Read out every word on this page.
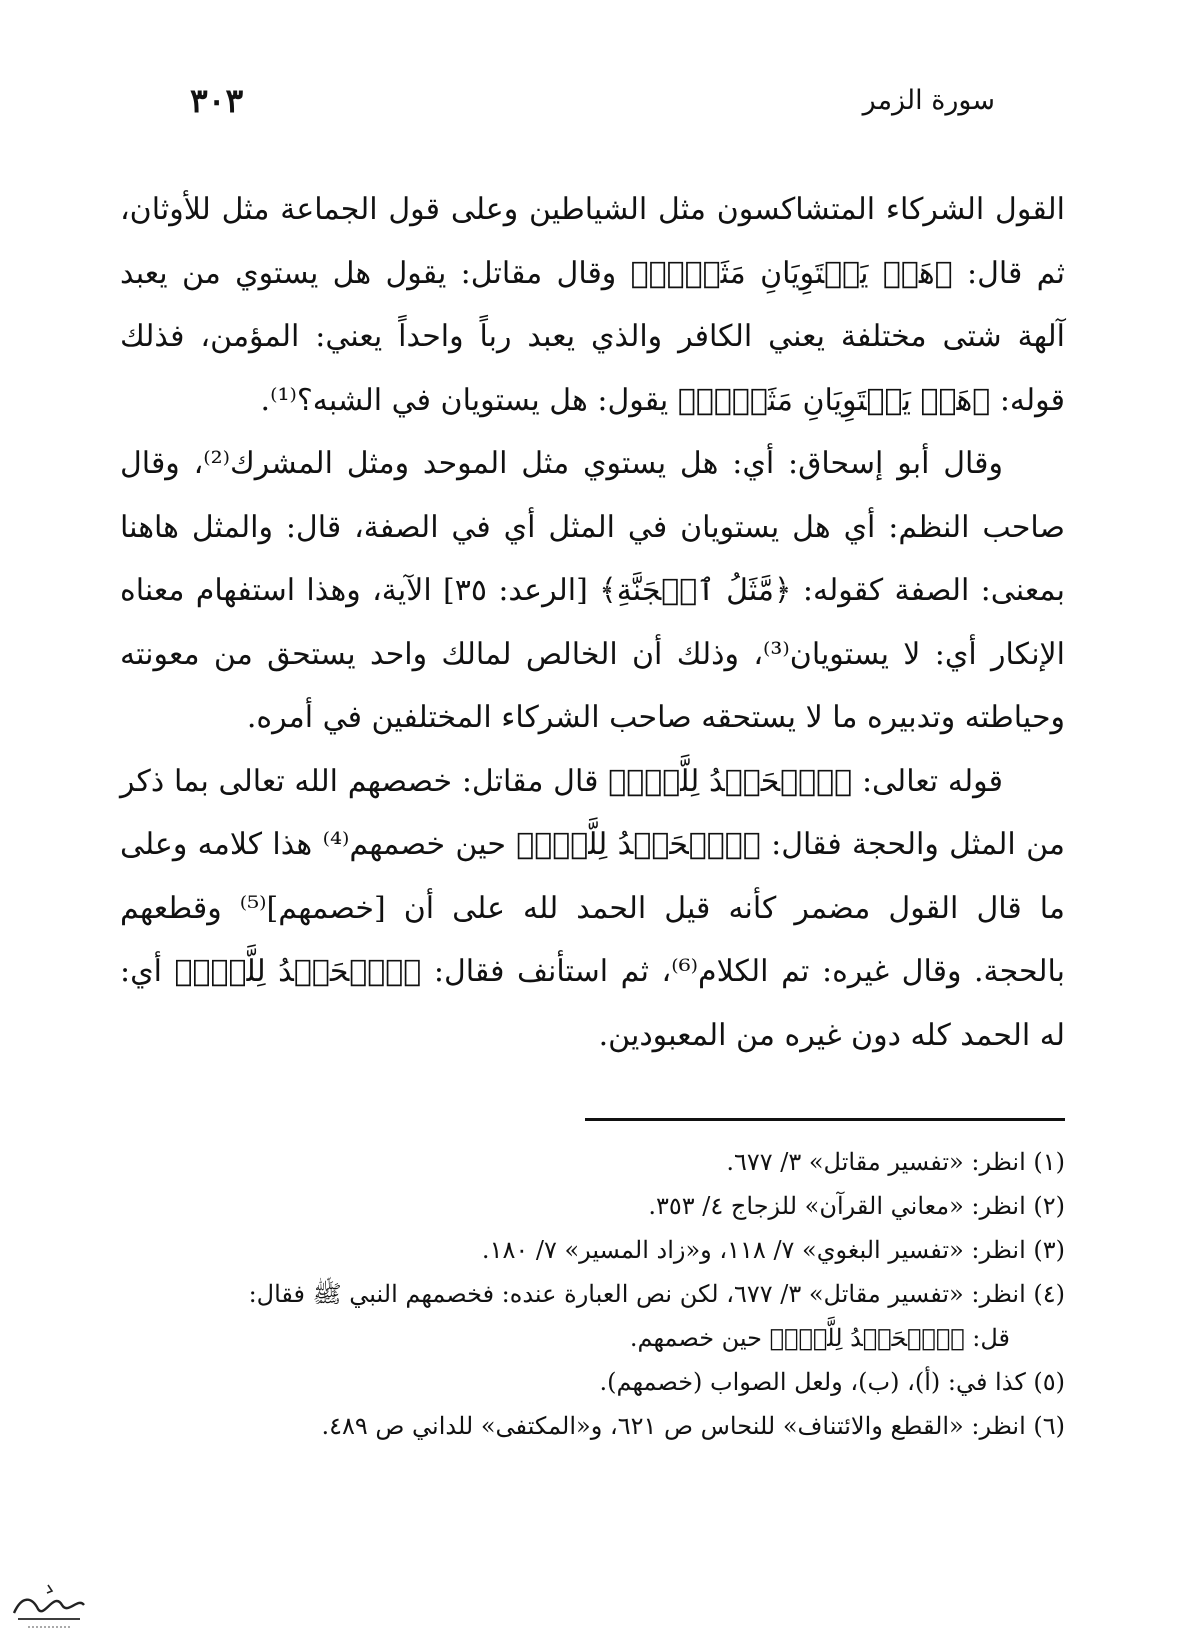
سورة الزمر
٣٠٣

القول الشركاء المتشاكسون مثل الشياطين وعلى قول الجماعة مثل للأوثان، ثم قال: ﴿هَلۡ يَسۡتَوِيَانِ مَثَلًاۚ﴾ وقال مقاتل: يقول هل يستوي من يعبد آلهة شتى مختلفة يعني الكافر والذي يعبد رباً واحداً يعني: المؤمن، فذلك قوله: ﴿هَلۡ يَسۡتَوِيَانِ مَثَلًاۚ﴾ يقول: هل يستويان في الشبه؟⁽¹⁾.

وقال أبو إسحاق: أي: هل يستوي مثل الموحد ومثل المشرك⁽²⁾، وقال صاحب النظم: أي هل يستويان في المثل أي في الصفة، قال: والمثل هاهنا بمعنى: الصفة كقوله: ﴿مَّثَلُ ٱلۡجَنَّةِ﴾ [الرعد: ٣٥] الآية، وهذا استفهام معناه الإنكار أي: لا يستويان⁽³⁾، وذلك أن الخالص لمالك واحد يستحق من معونته وحياطته وتدبيره ما لا يستحقه صاحب الشركاء المختلفين في أمره.

قوله تعالى: ﴿ٱلۡحَمۡدُ لِلَّهِۚ﴾ قال مقاتل: خصصهم الله تعالى بما ذكر من المثل والحجة فقال: ﴿ٱلۡحَمۡدُ لِلَّهِۚ﴾ حين خصمهم⁽⁴⁾ هذا كلامه وعلى ما قال القول مضمر كأنه قيل الحمد لله على أن [خصمهم]⁽⁵⁾ وقطعهم بالحجة. وقال غيره: تم الكلام⁽⁶⁾، ثم استأنف فقال: ﴿ٱلۡحَمۡدُ لِلَّهِۚ﴾ أي: له الحمد كله دون غيره من المعبودين.

(١) انظر: «تفسير مقاتل» ٣/ ٦٧٧.

(٢) انظر: «معاني القرآن» للزجاج ٤/ ٣٥٣.

(٣) انظر: «تفسير البغوي» ٧/ ١١٨، و«زاد المسير» ٧/ ١٨٠.

(٤) انظر: «تفسير مقاتل» ٣/ ٦٧٧، لكن نص العبارة عنده: فخصمهم النبي ﷺ فقال:

قل: ﴿ٱلۡحَمۡدُ لِلَّهِۚ﴾ حين خصمهم.

(٥) كذا في: (أ)، (ب)، ولعل الصواب (خصمهم).

(٦) انظر: «القطع والائتناف» للنحاس ص ٦٢١، و«المكتفى» للداني ص ٤٨٩.
